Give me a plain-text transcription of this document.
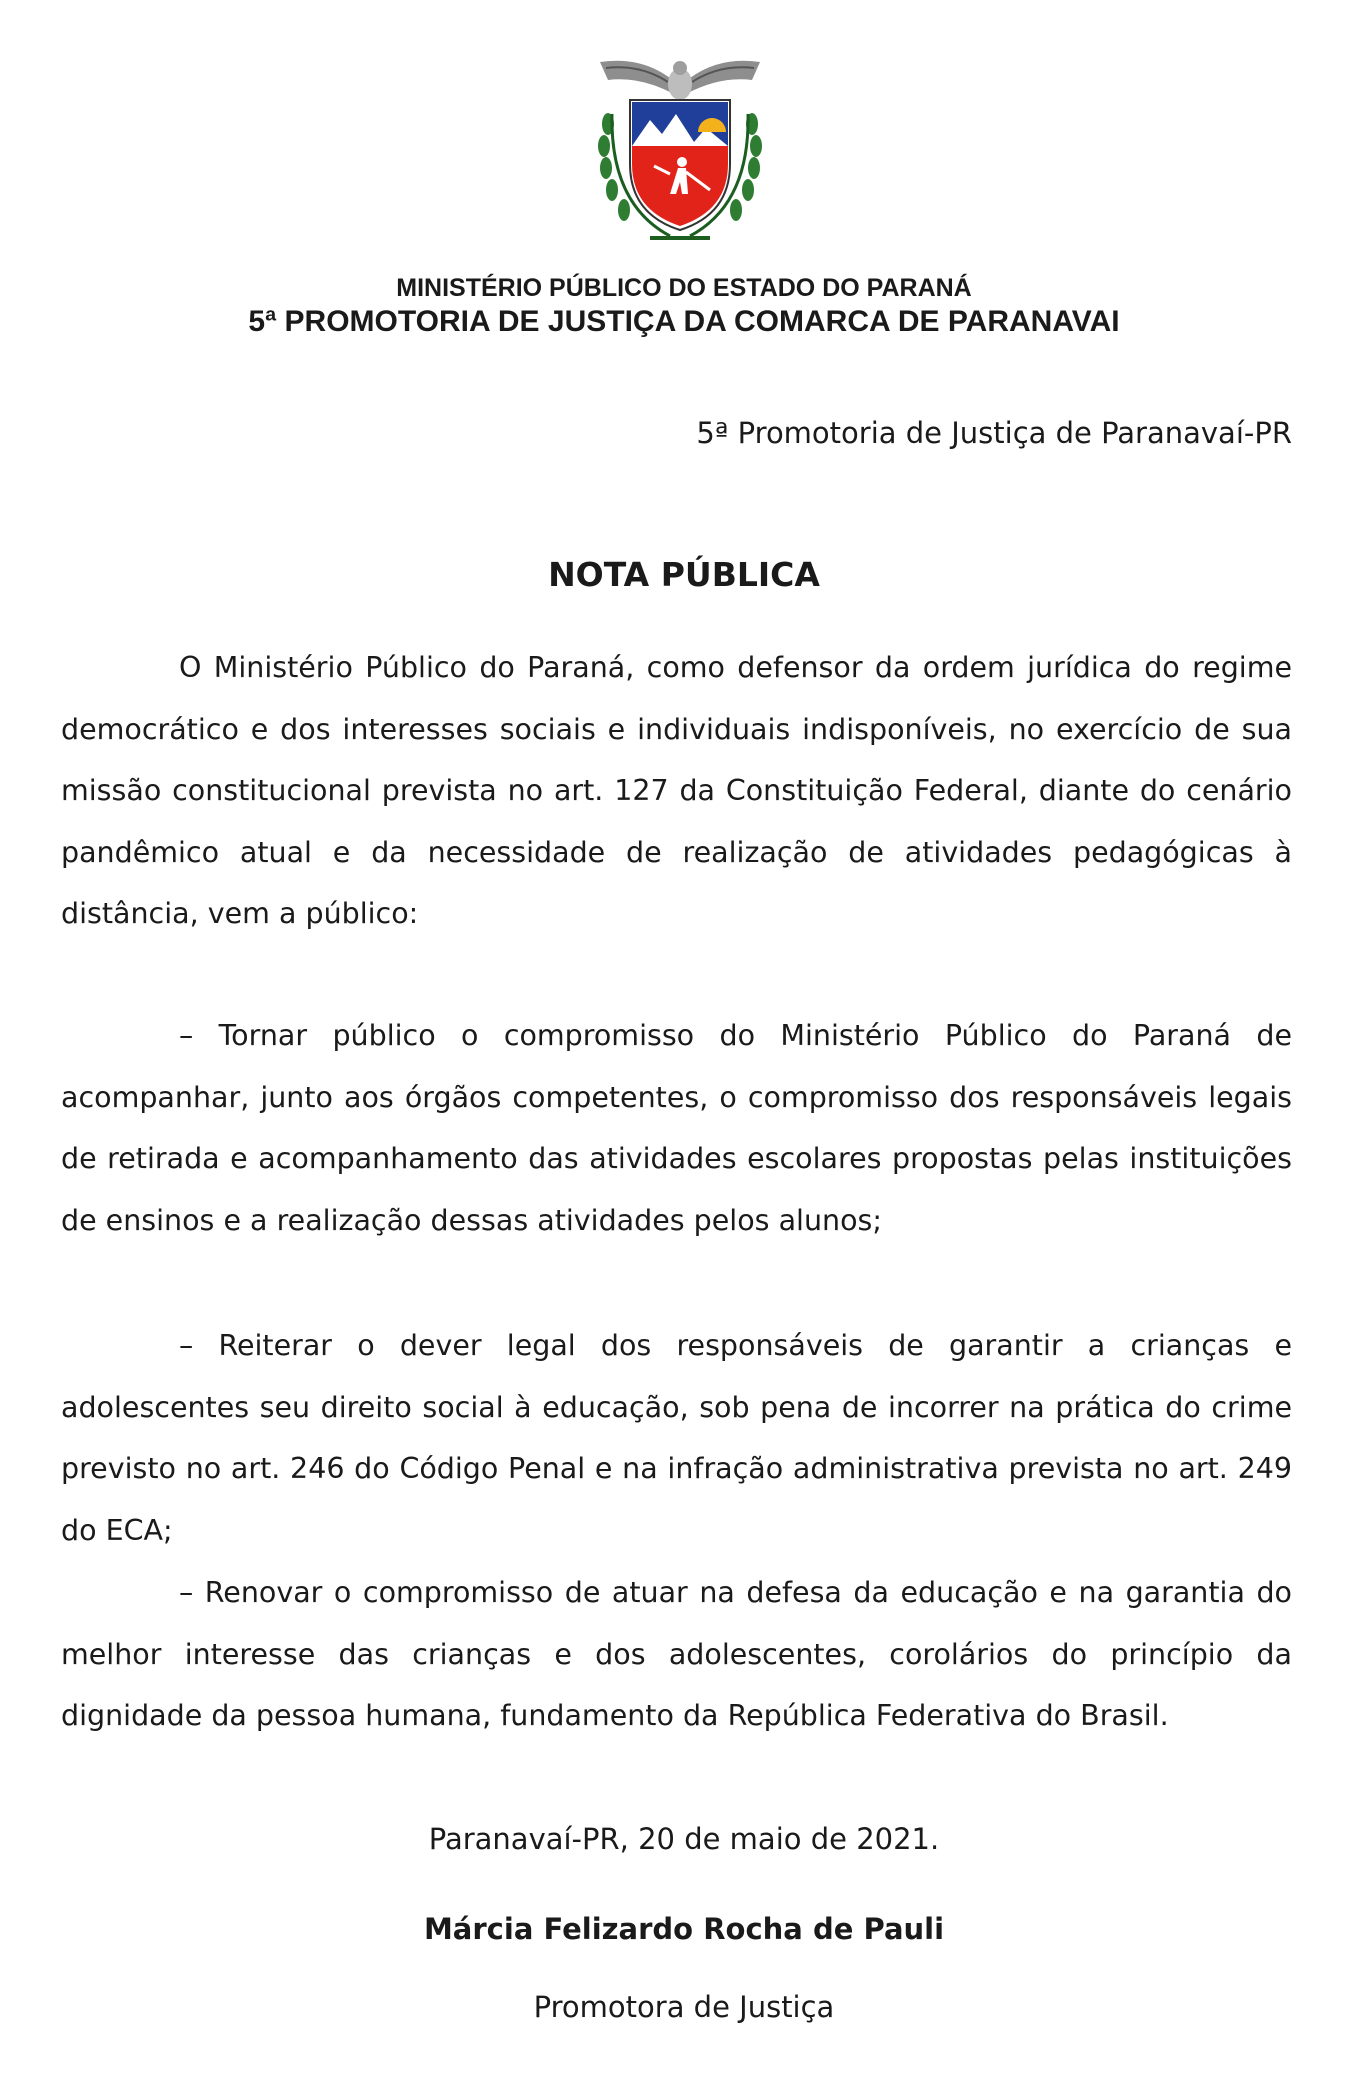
MINISTÉRIO PÚBLICO DO ESTADO DO PARANÁ
5ª PROMOTORIA DE JUSTIÇA DA COMARCA DE PARANAVAI
5ª Promotoria de Justiça de Paranavaí-PR
NOTA PÚBLICA
O Ministério Público do Paraná, como defensor da ordem jurídica do regime democrático e dos interesses sociais e individuais indisponíveis, no exercício de sua missão constitucional prevista no art. 127 da Constituição Federal, diante do cenário pandêmico atual e da necessidade de realização de atividades pedagógicas à distância, vem a público:
– Tornar público o compromisso do Ministério Público do Paraná de acompanhar, junto aos órgãos competentes, o compromisso dos responsáveis legais de retirada e acompanhamento das atividades escolares propostas pelas instituições de ensinos e a realização dessas atividades pelos alunos;
– Reiterar o dever legal dos responsáveis de garantir a crianças e adolescentes seu direito social à educação, sob pena de incorrer na prática do crime previsto no art. 246 do Código Penal e na infração administrativa prevista no art. 249 do ECA;
– Renovar o compromisso de atuar na defesa da educação e na garantia do melhor interesse das crianças e dos adolescentes, corolários do princípio da dignidade da pessoa humana, fundamento da República Federativa do Brasil.
Paranavaí-PR, 20 de maio de 2021.
Márcia Felizardo Rocha de Pauli
Promotora de Justiça
